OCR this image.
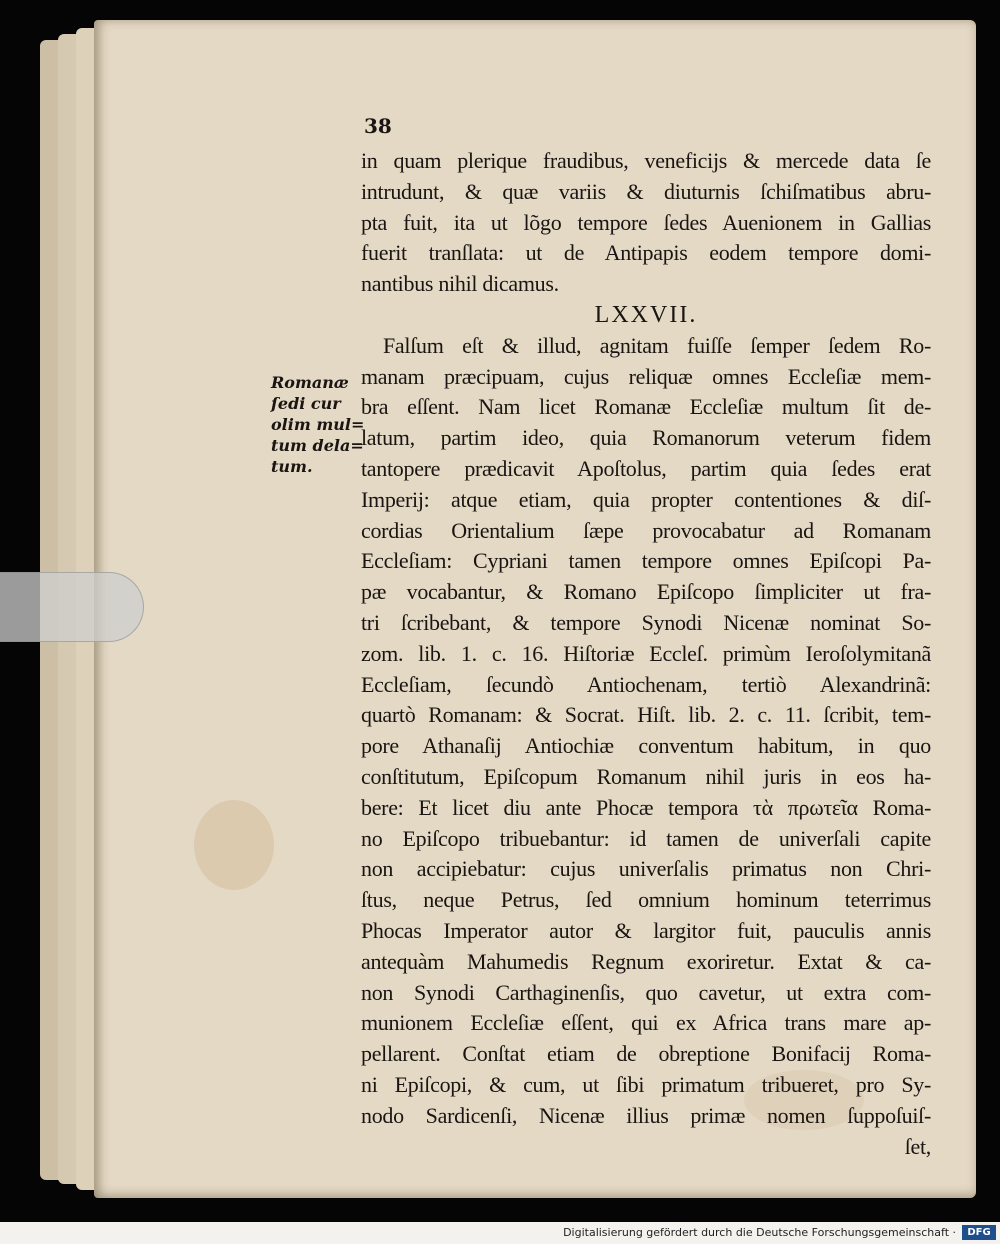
38
Romanæ
ſedi cur
olim mul=
tum dela=
tum.
in quam plerique fraudibus, veneficijs & mercede data ſe
intrudunt, & quæ variis & diuturnis ſchiſmatibus abru-
pta fuit, ita ut lõgo tempore ſedes Auenionem in Gallias
fuerit tranſlata: ut de Antipapis eodem tempore domi-
nantibus nihil dicamus.
LXXVII.
Falſum eſt & illud, agnitam fuiſſe ſemper ſedem Ro-
manam præcipuam, cujus reliquæ omnes Eccleſiæ mem-
bra eſſent. Nam licet Romanæ Eccleſiæ multum ſit de-
latum, partim ideo, quia Romanorum veterum fidem
tantopere prædicavit Apoſtolus, partim quia ſedes erat
Imperij: atque etiam, quia propter contentiones & diſ-
cordias Orientalium ſæpe provocabatur ad Romanam
Eccleſiam: Cypriani tamen tempore omnes Epiſcopi Pa-
pæ vocabantur, & Romano Epiſcopo ſimpliciter ut fra-
tri ſcribebant, & tempore Synodi Nicenæ nominat So-
zom. lib. 1. c. 16. Hiſtoriæ Eccleſ. primùm Ieroſolymitanã
Eccleſiam, ſecundò Antiochenam, tertiò Alexandrinã:
quartò Romanam: & Socrat. Hiſt. lib. 2. c. 11. ſcribit, tem-
pore Athanaſij Antiochiæ conventum habitum, in quo
conſtitutum, Epiſcopum Romanum nihil juris in eos ha-
bere: Et licet diu ante Phocæ tempora τὰ πρωτεῖα Roma-
no Epiſcopo tribuebantur: id tamen de univerſali capite
non accipiebatur: cujus univerſalis primatus non Chri-
ſtus, neque Petrus, ſed omnium hominum teterrimus
Phocas Imperator autor & largitor fuit, pauculis annis
antequàm Mahumedis Regnum exoriretur. Extat & ca-
non Synodi Carthaginenſis, quo cavetur, ut extra com-
munionem Eccleſiæ eſſent, qui ex Africa trans mare ap-
pellarent. Conſtat etiam de obreptione Bonifacij Roma-
ni Epiſcopi, & cum, ut ſibi primatum tribueret, pro Sy-
nodo Sardicenſi, Nicenæ illius primæ nomen ſuppoſuiſ-
ſet,
Digitalisierung gefördert durch die Deutsche Forschungsgemeinschaft ·	DFG
